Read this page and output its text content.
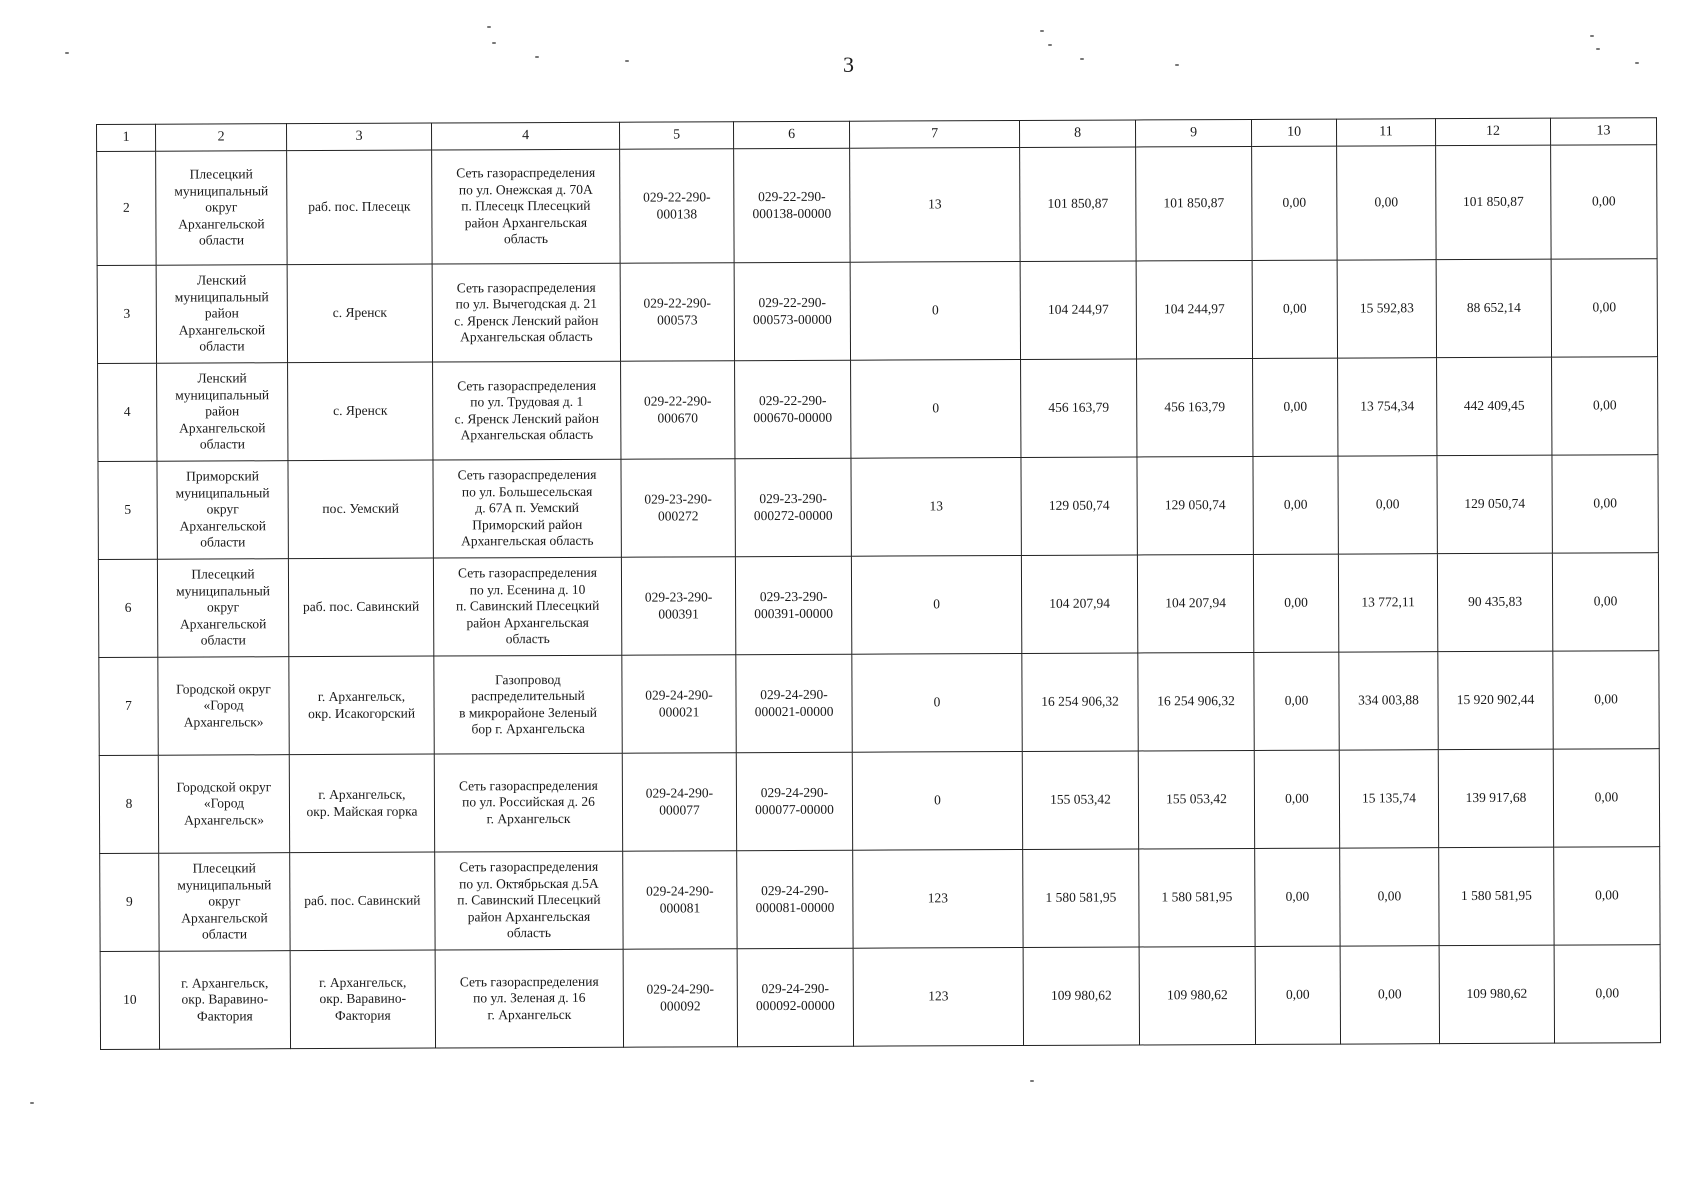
3
1	2	3	4	5	6	7	8	9	10	11	12	13
2	Плесецкий
муниципальный
округ
Архангельской
области	раб. пос. Плесецк	Сеть газораспределения
по ул. Онежская д. 70А
п. Плесецк Плесецкий
район Архангельская
область	029-22-290-
000138	029-22-290-
000138-00000	13	101 850,87	101 850,87	0,00	0,00	101 850,87	0,00
3	Ленский
муниципальный
район
Архангельской
области	с. Яренск	Сеть газораспределения
по ул. Вычегодская д. 21
с. Яренск Ленский район
Архангельская область	029-22-290-
000573	029-22-290-
000573-00000	0	104 244,97	104 244,97	0,00	15 592,83	88 652,14	0,00
4	Ленский
муниципальный
район
Архангельской
области	с. Яренск	Сеть газораспределения
по ул. Трудовая д. 1
с. Яренск Ленский район
Архангельская область	029-22-290-
000670	029-22-290-
000670-00000	0	456 163,79	456 163,79	0,00	13 754,34	442 409,45	0,00
5	Приморский
муниципальный
округ
Архангельской
области	пос. Уемский	Сеть газораспределения
по ул. Большесельская
д. 67А п. Уемский
Приморский район
Архангельская область	029-23-290-
000272	029-23-290-
000272-00000	13	129 050,74	129 050,74	0,00	0,00	129 050,74	0,00
6	Плесецкий
муниципальный
округ
Архангельской
области	раб. пос. Савинский	Сеть газораспределения
по ул. Есенина д. 10
п. Савинский Плесецкий
район Архангельская
область	029-23-290-
000391	029-23-290-
000391-00000	0	104 207,94	104 207,94	0,00	13 772,11	90 435,83	0,00
7	Городской округ
«Город
Архангельск»	г. Архангельск,
окр. Исакогорский	Газопровод
распределительный
в микрорайоне Зеленый
бор г. Архангельска	029-24-290-
000021	029-24-290-
000021-00000	0	16 254 906,32	16 254 906,32	0,00	334 003,88	15 920 902,44	0,00
8	Городской округ
«Город
Архангельск»	г. Архангельск,
окр. Майская горка	Сеть газораспределения
по ул. Российская д. 26
г. Архангельск	029-24-290-
000077	029-24-290-
000077-00000	0	155 053,42	155 053,42	0,00	15 135,74	139 917,68	0,00
9	Плесецкий
муниципальный
округ
Архангельской
области	раб. пос. Савинский	Сеть газораспределения
по ул. Октябрьская д.5А
п. Савинский Плесецкий
район Архангельская
область	029-24-290-
000081	029-24-290-
000081-00000	123	1 580 581,95	1 580 581,95	0,00	0,00	1 580 581,95	0,00
10	г. Архангельск,
окр. Варавино-
Фактория	г. Архангельск,
окр. Варавино-
Фактория	Сеть газораспределения
по ул. Зеленая д. 16
г. Архангельск	029-24-290-
000092	029-24-290-
000092-00000	123	109 980,62	109 980,62	0,00	0,00	109 980,62	0,00
